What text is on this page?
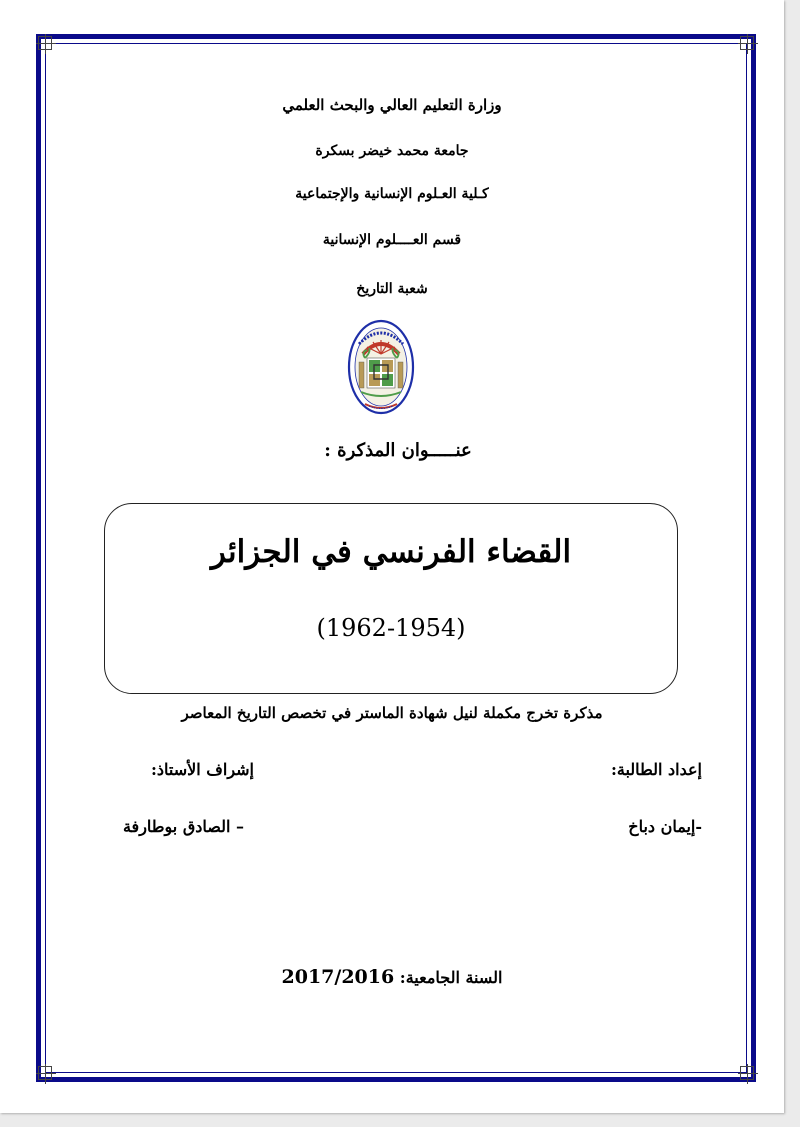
وزارة التعليم العالي والبحث العلمي
جامعة محمد خيضر بسكرة
كـلية العـلوم الإنسانية والإجتماعية
قسم العــــلوم الإنسانية
شعبة التاريخ
عنـــــوان المذكرة :
القضاء الفرنسي في الجزائر
(1962-1954)
مذكرة تخرج مكملة لنيل شهادة الماستر في تخصص التاريخ المعاصر
إعداد الطالبة:
إشراف الأستاذ:
-إيمان دباخ
– الصادق بوطارفة
السنة الجامعية: 2017/2016
